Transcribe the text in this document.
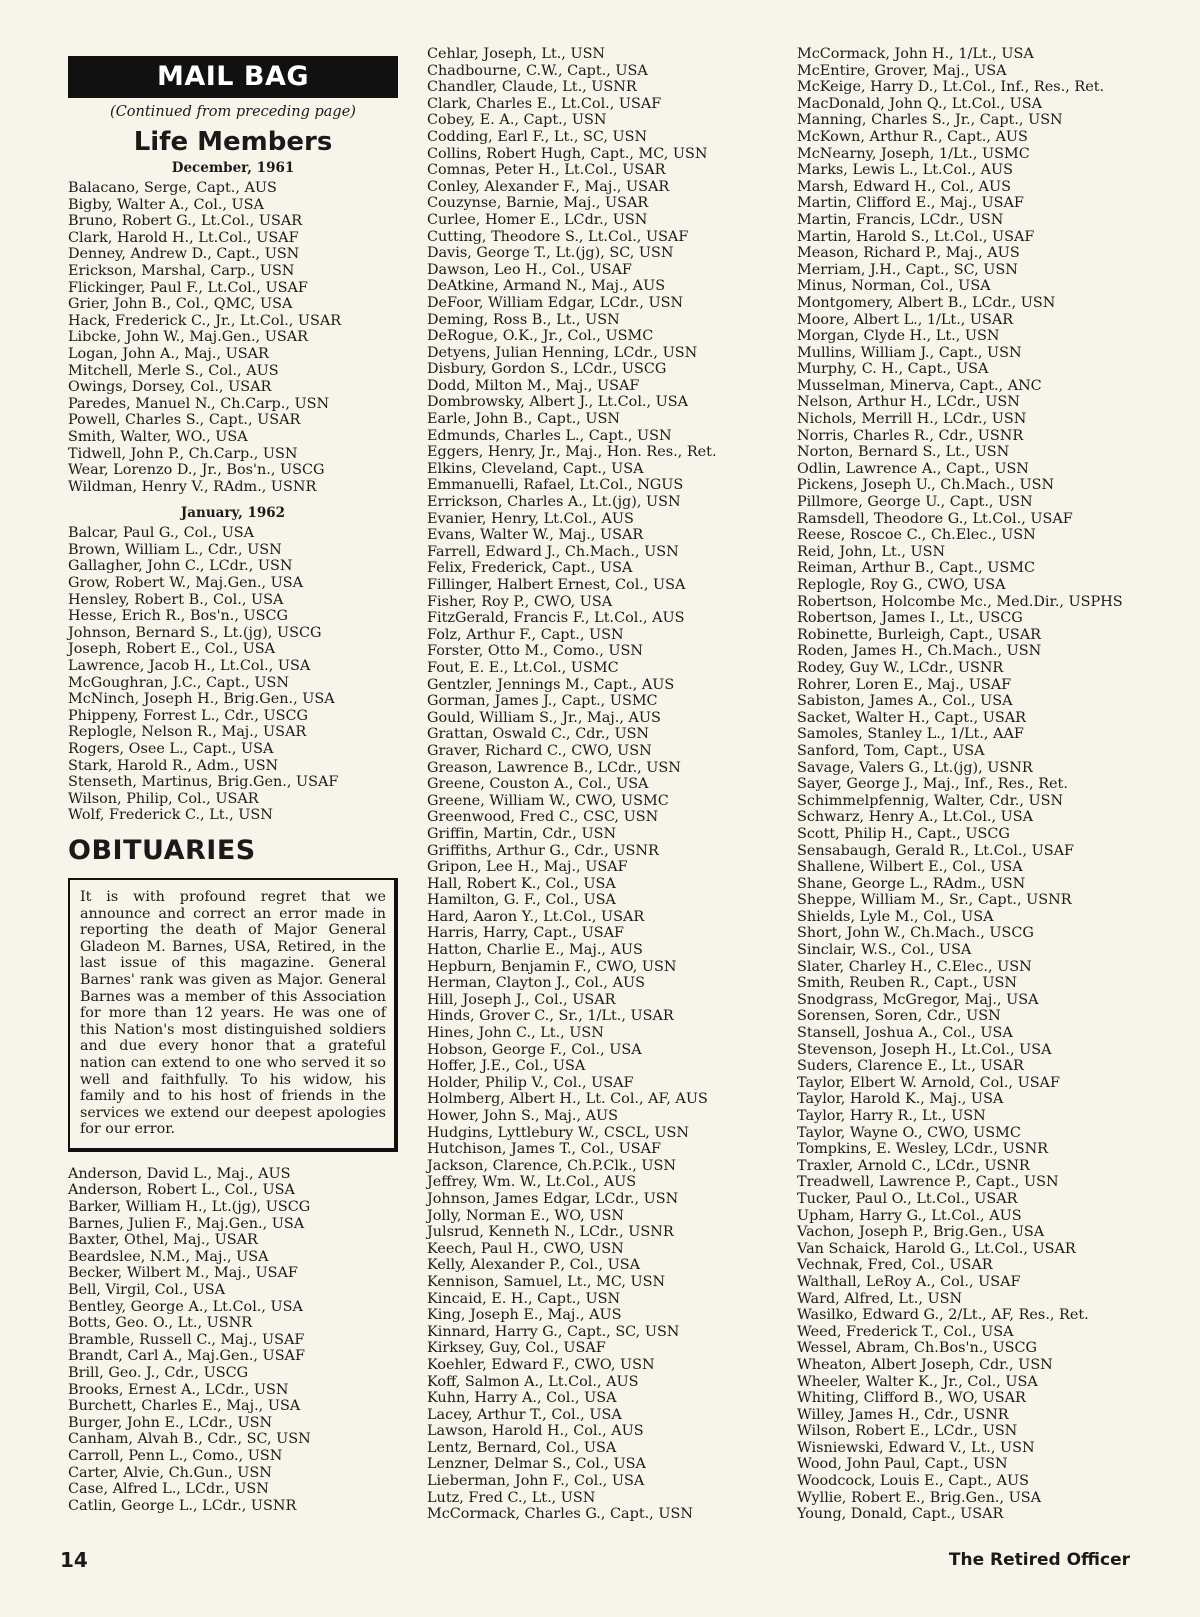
MAIL BAG
(Continued from preceding page)
Life Members
December, 1961
Balacano, Serge, Capt., AUS
Bigby, Walter A., Col., USA
Bruno, Robert G., Lt.Col., USAR
Clark, Harold H., Lt.Col., USAF
Denney, Andrew D., Capt., USN
Erickson, Marshal, Carp., USN
Flickinger, Paul F., Lt.Col., USAF
Grier, John B., Col., QMC, USA
Hack, Frederick C., Jr., Lt.Col., USAR
Libcke, John W., Maj.Gen., USAR
Logan, John A., Maj., USAR
Mitchell, Merle S., Col., AUS
Owings, Dorsey, Col., USAR
Paredes, Manuel N., Ch.Carp., USN
Powell, Charles S., Capt., USAR
Smith, Walter, WO., USA
Tidwell, John P., Ch.Carp., USN
Wear, Lorenzo D., Jr., Bos'n., USCG
Wildman, Henry V., RAdm., USNR
January, 1962
Balcar, Paul G., Col., USA
Brown, William L., Cdr., USN
Gallagher, John C., LCdr., USN
Grow, Robert W., Maj.Gen., USA
Hensley, Robert B., Col., USA
Hesse, Erich R., Bos'n., USCG
Johnson, Bernard S., Lt.(jg), USCG
Joseph, Robert E., Col., USA
Lawrence, Jacob H., Lt.Col., USA
McGoughran, J.C., Capt., USN
McNinch, Joseph H., Brig.Gen., USA
Phippeny, Forrest L., Cdr., USCG
Replogle, Nelson R., Maj., USAR
Rogers, Osee L., Capt., USA
Stark, Harold R., Adm., USN
Stenseth, Martinus, Brig.Gen., USAF
Wilson, Philip, Col., USAR
Wolf, Frederick C., Lt., USN
OBITUARIES
It is with profound regret that we announce and correct an error made in reporting the death of Major General Gladeon M. Barnes, USA, Retired, in the last issue of this magazine. General Barnes' rank was given as Major. General Barnes was a member of this Association for more than 12 years. He was one of this Nation's most distinguished soldiers and due every honor that a grateful nation can extend to one who served it so well and faithfully. To his widow, his family and to his host of friends in the services we extend our deepest apologies for our error.
Anderson, David L., Maj., AUS
Anderson, Robert L., Col., USA
Barker, William H., Lt.(jg), USCG
Barnes, Julien F., Maj.Gen., USA
Baxter, Othel, Maj., USAR
Beardslee, N.M., Maj., USA
Becker, Wilbert M., Maj., USAF
Bell, Virgil, Col., USA
Bentley, George A., Lt.Col., USA
Botts, Geo. O., Lt., USNR
Bramble, Russell C., Maj., USAF
Brandt, Carl A., Maj.Gen., USAF
Brill, Geo. J., Cdr., USCG
Brooks, Ernest A., LCdr., USN
Burchett, Charles E., Maj., USA
Burger, John E., LCdr., USN
Canham, Alvah B., Cdr., SC, USN
Carroll, Penn L., Como., USN
Carter, Alvie, Ch.Gun., USN
Case, Alfred L., LCdr., USN
Catlin, George L., LCdr., USNR
Cehlar, Joseph, Lt., USN
Chadbourne, C.W., Capt., USA
Chandler, Claude, Lt., USNR
Clark, Charles E., Lt.Col., USAF
Cobey, E. A., Capt., USN
Codding, Earl F., Lt., SC, USN
Collins, Robert Hugh, Capt., MC, USN
Comnas, Peter H., Lt.Col., USAR
Conley, Alexander F., Maj., USAR
Couzynse, Barnie, Maj., USAR
Curlee, Homer E., LCdr., USN
Cutting, Theodore S., Lt.Col., USAF
Davis, George T., Lt.(jg), SC, USN
Dawson, Leo H., Col., USAF
DeAtkine, Armand N., Maj., AUS
DeFoor, William Edgar, LCdr., USN
Deming, Ross B., Lt., USN
DeRogue, O.K., Jr., Col., USMC
Detyens, Julian Henning, LCdr., USN
Disbury, Gordon S., LCdr., USCG
Dodd, Milton M., Maj., USAF
Dombrowsky, Albert J., Lt.Col., USA
Earle, John B., Capt., USN
Edmunds, Charles L., Capt., USN
Eggers, Henry, Jr., Maj., Hon. Res., Ret.
Elkins, Cleveland, Capt., USA
Emmanuelli, Rafael, Lt.Col., NGUS
Errickson, Charles A., Lt.(jg), USN
Evanier, Henry, Lt.Col., AUS
Evans, Walter W., Maj., USAR
Farrell, Edward J., Ch.Mach., USN
Felix, Frederick, Capt., USA
Fillinger, Halbert Ernest, Col., USA
Fisher, Roy P., CWO, USA
FitzGerald, Francis F., Lt.Col., AUS
Folz, Arthur F., Capt., USN
Forster, Otto M., Como., USN
Fout, E. E., Lt.Col., USMC
Gentzler, Jennings M., Capt., AUS
Gorman, James J., Capt., USMC
Gould, William S., Jr., Maj., AUS
Grattan, Oswald C., Cdr., USN
Graver, Richard C., CWO, USN
Greason, Lawrence B., LCdr., USN
Greene, Couston A., Col., USA
Greene, William W., CWO, USMC
Greenwood, Fred C., CSC, USN
Griffin, Martin, Cdr., USN
Griffiths, Arthur G., Cdr., USNR
Gripon, Lee H., Maj., USAF
Hall, Robert K., Col., USA
Hamilton, G. F., Col., USA
Hard, Aaron Y., Lt.Col., USAR
Harris, Harry, Capt., USAF
Hatton, Charlie E., Maj., AUS
Hepburn, Benjamin F., CWO, USN
Herman, Clayton J., Col., AUS
Hill, Joseph J., Col., USAR
Hinds, Grover C., Sr., 1/Lt., USAR
Hines, John C., Lt., USN
Hobson, George F., Col., USA
Hoffer, J.E., Col., USA
Holder, Philip V., Col., USAF
Holmberg, Albert H., Lt. Col., AF, AUS
Hower, John S., Maj., AUS
Hudgins, Lyttlebury W., CSCL, USN
Hutchison, James T., Col., USAF
Jackson, Clarence, Ch.P.Clk., USN
Jeffrey, Wm. W., Lt.Col., AUS
Johnson, James Edgar, LCdr., USN
Jolly, Norman E., WO, USN
Julsrud, Kenneth N., LCdr., USNR
Keech, Paul H., CWO, USN
Kelly, Alexander P., Col., USA
Kennison, Samuel, Lt., MC, USN
Kincaid, E. H., Capt., USN
King, Joseph E., Maj., AUS
Kinnard, Harry G., Capt., SC, USN
Kirksey, Guy, Col., USAF
Koehler, Edward F., CWO, USN
Koff, Salmon A., Lt.Col., AUS
Kuhn, Harry A., Col., USA
Lacey, Arthur T., Col., USA
Lawson, Harold H., Col., AUS
Lentz, Bernard, Col., USA
Lenzner, Delmar S., Col., USA
Lieberman, John F., Col., USA
Lutz, Fred C., Lt., USN
McCormack, Charles G., Capt., USN
McCormack, John H., 1/Lt., USA
McEntire, Grover, Maj., USA
McKeige, Harry D., Lt.Col., Inf., Res., Ret.
MacDonald, John Q., Lt.Col., USA
Manning, Charles S., Jr., Capt., USN
McKown, Arthur R., Capt., AUS
McNearny, Joseph, 1/Lt., USMC
Marks, Lewis L., Lt.Col., AUS
Marsh, Edward H., Col., AUS
Martin, Clifford E., Maj., USAF
Martin, Francis, LCdr., USN
Martin, Harold S., Lt.Col., USAF
Meason, Richard P., Maj., AUS
Merriam, J.H., Capt., SC, USN
Minus, Norman, Col., USA
Montgomery, Albert B., LCdr., USN
Moore, Albert L., 1/Lt., USAR
Morgan, Clyde H., Lt., USN
Mullins, William J., Capt., USN
Murphy, C. H., Capt., USA
Musselman, Minerva, Capt., ANC
Nelson, Arthur H., LCdr., USN
Nichols, Merrill H., LCdr., USN
Norris, Charles R., Cdr., USNR
Norton, Bernard S., Lt., USN
Odlin, Lawrence A., Capt., USN
Pickens, Joseph U., Ch.Mach., USN
Pillmore, George U., Capt., USN
Ramsdell, Theodore G., Lt.Col., USAF
Reese, Roscoe C., Ch.Elec., USN
Reid, John, Lt., USN
Reiman, Arthur B., Capt., USMC
Replogle, Roy G., CWO, USA
Robertson, Holcombe Mc., Med.Dir., USPHS
Robertson, James I., Lt., USCG
Robinette, Burleigh, Capt., USAR
Roden, James H., Ch.Mach., USN
Rodey, Guy W., LCdr., USNR
Rohrer, Loren E., Maj., USAF
Sabiston, James A., Col., USA
Sacket, Walter H., Capt., USAR
Samoles, Stanley L., 1/Lt., AAF
Sanford, Tom, Capt., USA
Savage, Valers G., Lt.(jg), USNR
Sayer, George J., Maj., Inf., Res., Ret.
Schimmelpfennig, Walter, Cdr., USN
Schwarz, Henry A., Lt.Col., USA
Scott, Philip H., Capt., USCG
Sensabaugh, Gerald R., Lt.Col., USAF
Shallene, Wilbert E., Col., USA
Shane, George L., RAdm., USN
Sheppe, William M., Sr., Capt., USNR
Shields, Lyle M., Col., USA
Short, John W., Ch.Mach., USCG
Sinclair, W.S., Col., USA
Slater, Charley H., C.Elec., USN
Smith, Reuben R., Capt., USN
Snodgrass, McGregor, Maj., USA
Sorensen, Soren, Cdr., USN
Stansell, Joshua A., Col., USA
Stevenson, Joseph H., Lt.Col., USA
Suders, Clarence E., Lt., USAR
Taylor, Elbert W. Arnold, Col., USAF
Taylor, Harold K., Maj., USA
Taylor, Harry R., Lt., USN
Taylor, Wayne O., CWO, USMC
Tompkins, E. Wesley, LCdr., USNR
Traxler, Arnold C., LCdr., USNR
Treadwell, Lawrence P., Capt., USN
Tucker, Paul O., Lt.Col., USAR
Upham, Harry G., Lt.Col., AUS
Vachon, Joseph P., Brig.Gen., USA
Van Schaick, Harold G., Lt.Col., USAR
Vechnak, Fred, Col., USAR
Walthall, LeRoy A., Col., USAF
Ward, Alfred, Lt., USN
Wasilko, Edward G., 2/Lt., AF, Res., Ret.
Weed, Frederick T., Col., USA
Wessel, Abram, Ch.Bos'n., USCG
Wheaton, Albert Joseph, Cdr., USN
Wheeler, Walter K., Jr., Col., USA
Whiting, Clifford B., WO, USAR
Willey, James H., Cdr., USNR
Wilson, Robert E., LCdr., USN
Wisniewski, Edward V., Lt., USN
Wood, John Paul, Capt., USN
Woodcock, Louis E., Capt., AUS
Wyllie, Robert E., Brig.Gen., USA
Young, Donald, Capt., USAR
14	The Retired Officer
